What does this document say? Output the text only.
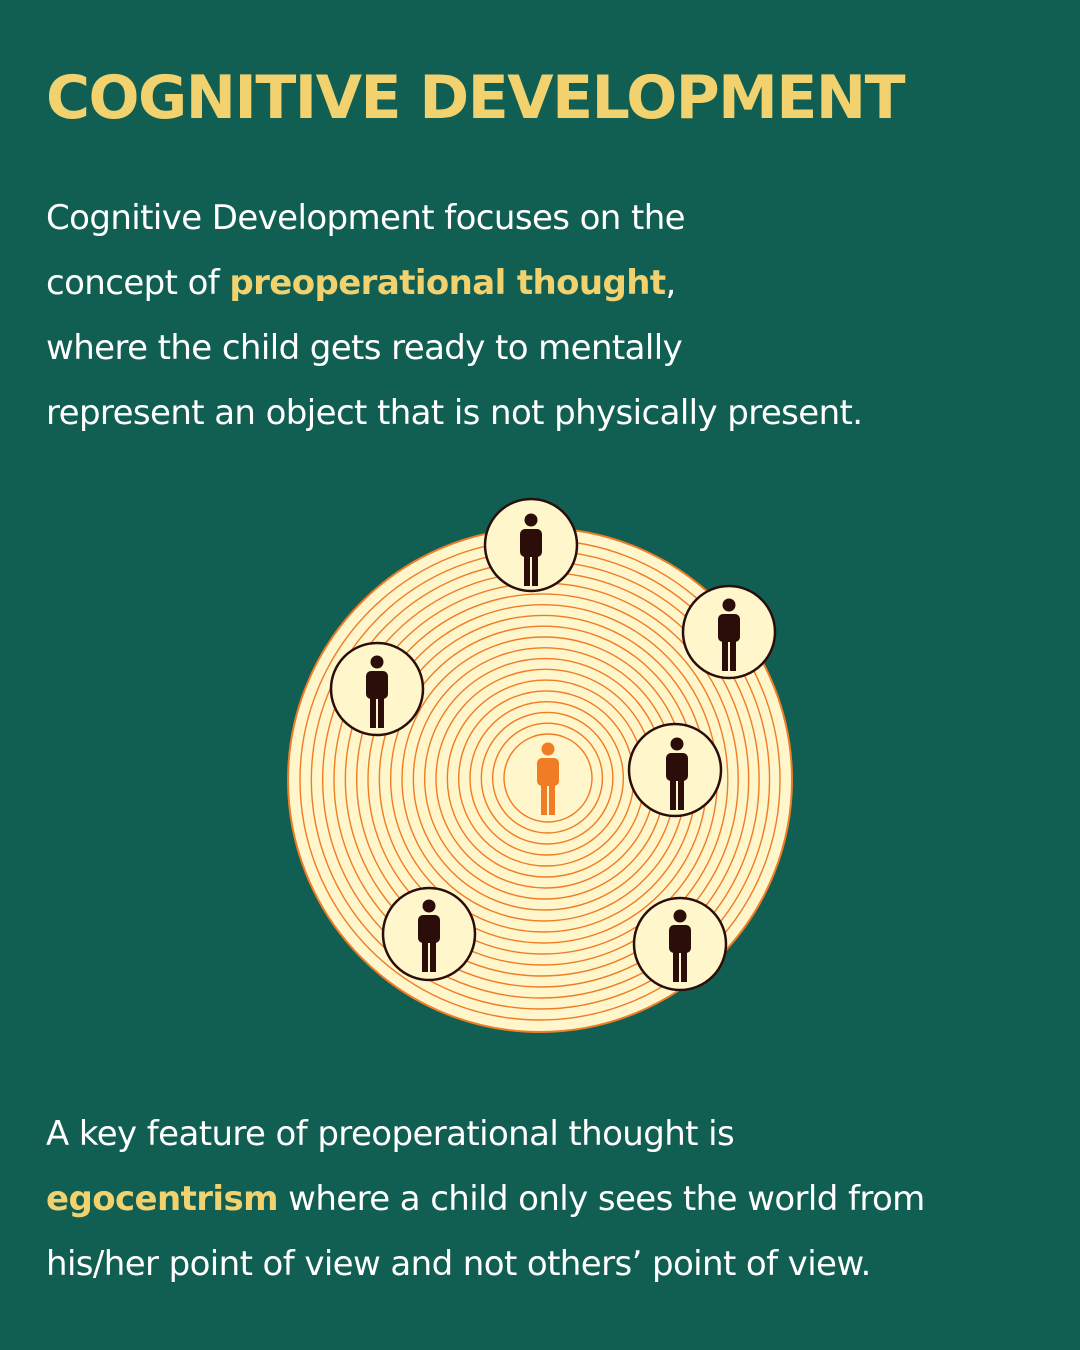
COGNITIVE DEVELOPMENT
Cognitive Development focuses on the
concept of preoperational thought,
where the child gets ready to mentally
represent an object that is not physically present.
A key feature of preoperational thought is
egocentrism where a child only sees the world from
his/her point of view and not others’ point of view.
